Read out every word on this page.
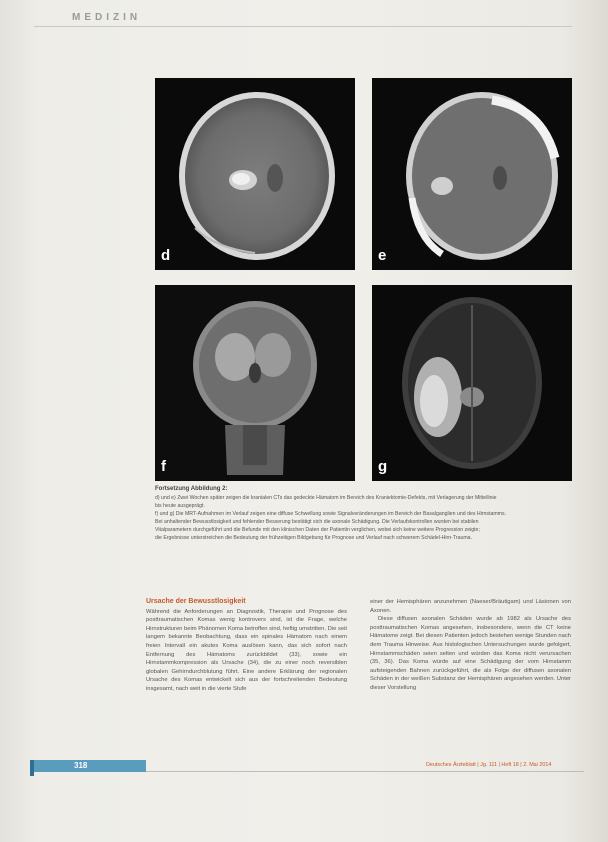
MEDIZIN
d	e
f	g
Fortsetzung Abbildung 2:

d) und e) Zwei Wochen später zeigen die kranialen CTs das gedeckte Hämatom im Bereich des Kraniektomie-Defekts, mit Verlagerung der Mittellinie

bis heute ausgeprägt.

f) und g) Die MRT-Aufnahmen im Verlauf zeigen eine diffuse Schwellung sowie Signalveränderungen im Bereich der Basalganglien und des Hirnstamms.

Bei anhaltender Bewusstlosigkeit und fehlender Besserung bestätigt sich die axonale Schädigung. Die Verlaufskontrollen wurden bei stabilen

Vitalparametern durchgeführt und die Befunde mit den klinischen Daten der Patientin verglichen, wobei sich keine weitere Progression zeigte;

die Ergebnisse unterstreichen die Bedeutung der frühzeitigen Bildgebung für Prognose und Verlauf nach schwerem Schädel-Hirn-Trauma.

Ursache der Bewusstlosigkeit

Während die Anforderungen an Diagnostik, Therapie und Prognose des posttraumatischen Komas wenig kontrovers sind, ist die Frage, welche Hirnstrukturen beim Phänomen Koma betroffen sind, heftig umstritten. Die seit langem bekannte Beobachtung, dass ein spinales Hämatom nach einem freien Intervall ein akutes Koma auslösen kann, das sich sofort nach Entfernung des Hämatoms zurückbildet (33), sowie ein Hirnstammkompression als Ursache (34), die zu einer noch reversiblen globalen Gehirndurchblutung führt. Eine andere Erklärung der regionalen Ursache des Komas entwickelt sich aus der fortschreitenden Bedeutung insgesamt, nach weit in die vierte Stufe

einer der Hemisphären anzunehmen (Naeser/Bräutigam) und Läsionen von Axonen.

Diese diffusen axonalen Schäden wurde ab 1982 als Ursache des posttraumatischen Komas angesehen, insbesondere, wenn die CT keine Hämatome zeigt. Bei diesen Patienten jedoch bestehen wenige Stunden nach dem Trauma Hinweise. Aus histologischen Untersuchungen wurde gefolgert, Hirnstammschäden seien selten und würden das Koma nicht verursachen (35, 36). Das Koma würde auf eine Schädigung der vom Hirnstamm aufsteigenden Bahnen zurückgeführt, die als Folge der diffusen axonalen Schäden in der weißen Substanz der Hemisphären angesehen werden. Unter dieser Vorstellung

318	Deutsches Ärzteblatt | Jg. 111 | Heft 18 | 2. Mai 2014
